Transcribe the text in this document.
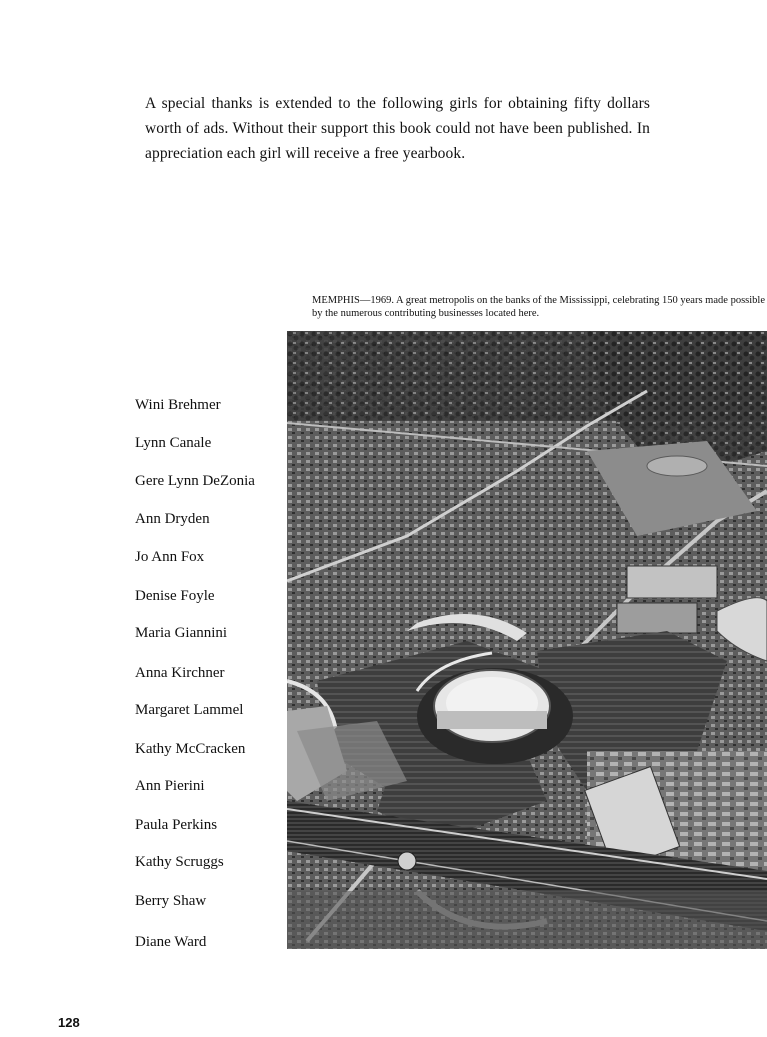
A special thanks is extended to the following girls for obtaining fifty dollars worth of ads. Without their support this book could not have been published. In appreciation each girl will receive a free yearbook.

MEMPHIS—1969. A great metropolis on the banks of the Mississippi, celebrating 150 years made possible by the numerous contributing businesses located here.
Wini Brehmer
Lynn Canale
Gere Lynn DeZonia
Ann Dryden
Jo Ann Fox
Denise Foyle
Maria Giannini
Anna Kirchner
Margaret Lammel
Kathy McCracken
Ann Pierini
Paula Perkins
Kathy Scruggs
Berry Shaw
Diane Ward
128
